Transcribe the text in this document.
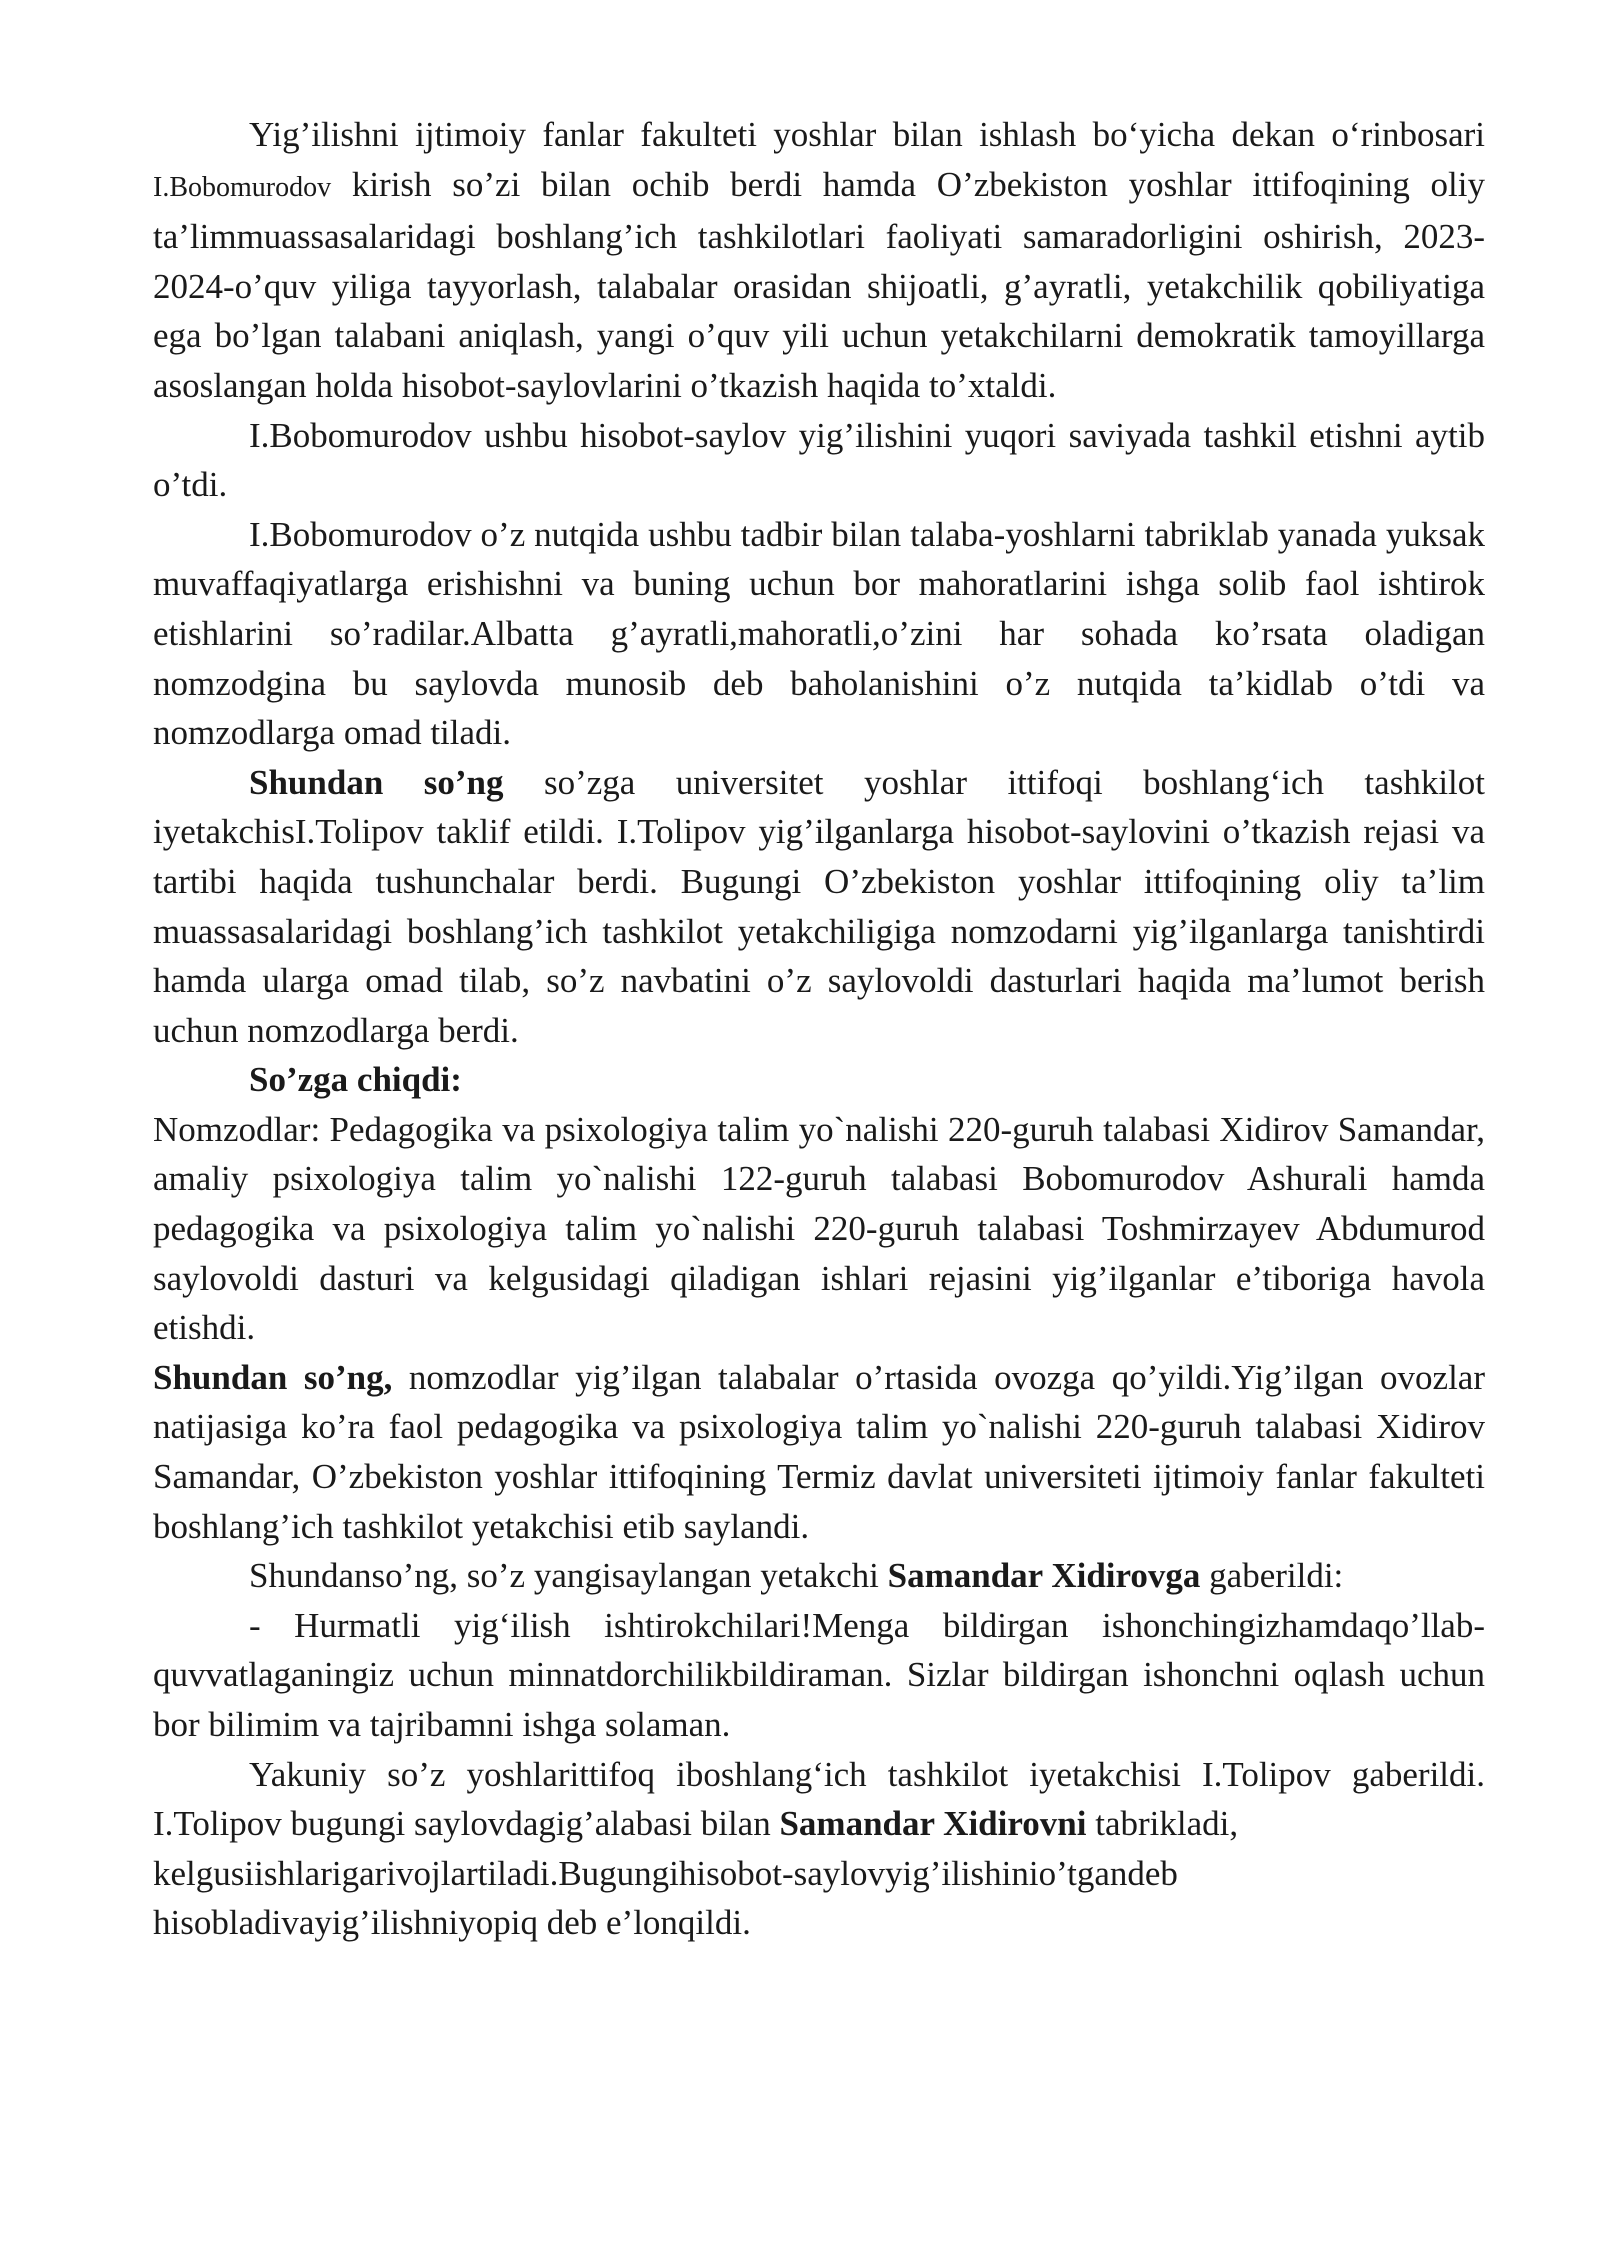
Yig’ilishni ijtimoiy fanlar fakulteti yoshlar bilan ishlash bo‘yicha dekan o‘rinbosari I.Bobomurodov kirish so’zi bilan ochib berdi hamda O’zbekiston yoshlar ittifoqining oliy ta’limmuassasalaridagi boshlang’ich tashkilotlari faoliyati samaradorligini oshirish, 2023-2024-o’quv yiliga tayyorlash, talabalar orasidan shijoatli, g’ayratli, yetakchilik qobiliyatiga ega bo’lgan talabani aniqlash, yangi o’quv yili uchun yetakchilarni demokratik tamoyillarga asoslangan holda hisobot-saylovlarini o’tkazish haqida to’xtaldi.

I.Bobomurodov ushbu hisobot-saylov yig’ilishini yuqori saviyada tashkil etishni aytib o’tdi.

I.Bobomurodov o’z nutqida ushbu tadbir bilan talaba-yoshlarni tabriklab yanada yuksak muvaffaqiyatlarga erishishni va buning uchun bor mahoratlarini ishga solib faol ishtirok etishlarini so’radilar.Albatta g’ayratli,mahoratli,o’zini har sohada ko’rsata oladigan nomzodgina bu saylovda munosib deb baholanishini o’z nutqida ta’kidlab o’tdi va nomzodlarga omad tiladi.

Shundan so’ng so’zga universitet yoshlar ittifoqi boshlang‘ich tashkilot iyetakchisI.Tolipov taklif etildi. I.Tolipov yig’ilganlarga hisobot-saylovini o’tkazish rejasi va tartibi haqida tushunchalar berdi. Bugungi O’zbekiston yoshlar ittifoqining oliy ta’lim muassasalaridagi boshlang’ich tashkilot yetakchiligiga nomzodarni yig’ilganlarga tanishtirdi hamda ularga omad tilab, so’z navbatini o’z saylovoldi dasturlari haqida ma’lumot berish uchun nomzodlarga berdi.

So’zga chiqdi:

Nomzodlar: Pedagogika va psixologiya talim yo`nalishi 220-guruh talabasi Xidirov Samandar, amaliy psixologiya talim yo`nalishi 122-guruh talabasi Bobomurodov Ashurali hamda pedagogika va psixologiya talim yo`nalishi 220-guruh talabasi Toshmirzayev Abdumurod saylovoldi dasturi va kelgusidagi qiladigan ishlari rejasini yig’ilganlar e’tiboriga havola etishdi.

Shundan so’ng, nomzodlar yig’ilgan talabalar o’rtasida ovozga qo’yildi.Yig’ilgan ovozlar natijasiga ko’ra faol pedagogika va psixologiya talim yo`nalishi 220-guruh talabasi Xidirov Samandar, O’zbekiston yoshlar ittifoqining Termiz davlat universiteti ijtimoiy fanlar fakulteti boshlang’ich tashkilot yetakchisi etib saylandi.

Shundanso’ng, so’z yangisaylangan yetakchi Samandar Xidirovga gaberildi:

- Hurmatli yig‘ilish ishtirokchilari!Menga bildirgan ishonchingizhamdaqo’llab-quvvatlaganingiz uchun minnatdorchilikbildiraman. Sizlar bildirgan ishonchni oqlash uchun bor bilimim va tajribamni ishga solaman.

Yakuniy so’z yoshlarittifoq iboshlang‘ich tashkilot iyetakchisi I.Tolipov gaberildi. I.Tolipov bugungi saylovdagig’alabasi bilan Samandar Xidirovni tabrikladi,

kelgusiishlarigarivojlartiladi.Bugungihisobot-saylovyig’ilishinio’tgandeb

hisobladivayig’ilishniyopiq deb e’lonqildi.
